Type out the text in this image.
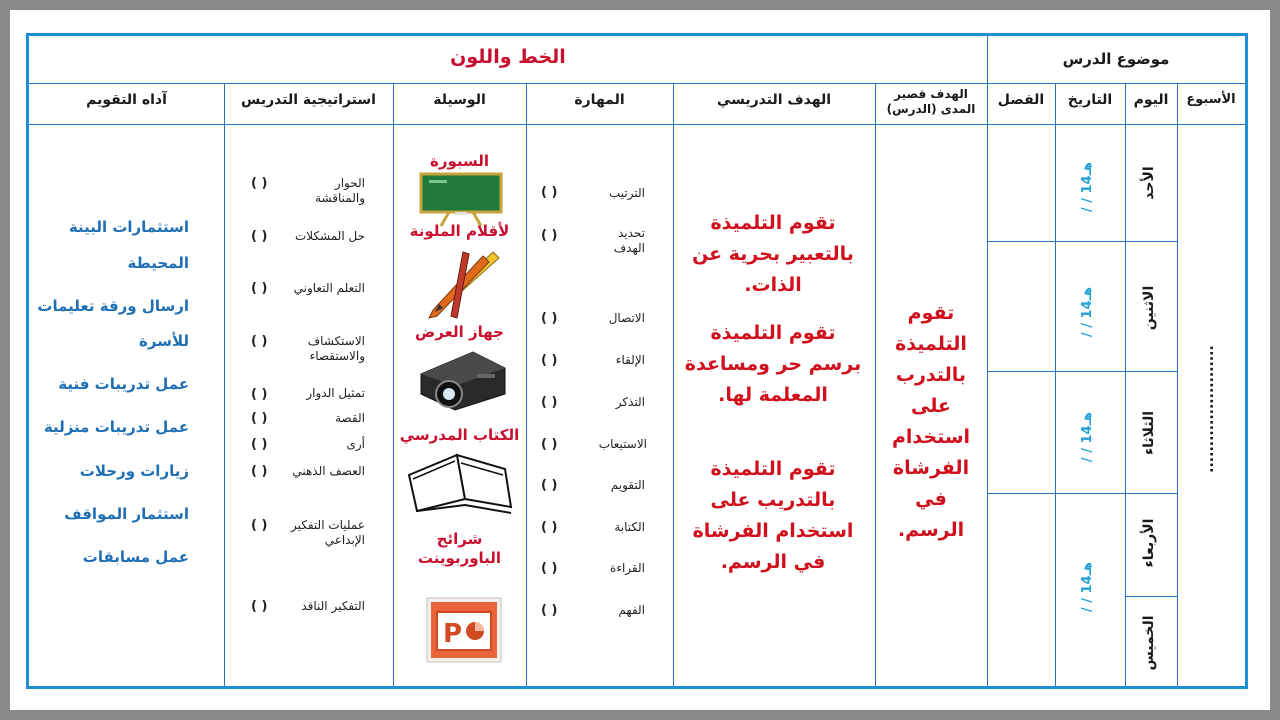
الخط واللون	موضوع الدرس
الأسبوع
اليوم
التاريخ
الفصل
الهدف قصير المدى (الدرس)
الهدف التدريسي
المهارة
الوسيلة
استراتيجية التدريس
آداه التقويم
........................
الأحد
الاثنين
الثلاثاء
الأربعاء
الخميس
/ / 14هـ
/ / 14هـ
/ / 14هـ
/ / 14هـ
تقوم التلميذة بالتدرب على استخدام الفرشاة في الرسم.
تقوم التلميذة بالتعبير بحرية عن الذات.
تقوم التلميذة برسم حر ومساعدة المعلمة لها.
تقوم التلميذة بالتدريب على استخدام الفرشاة في الرسم.
الترتيب
تحديد الهدف
الاتصال
الإلقاء
التذكر
الاستيعاب
التقويم
الكتابة
القراءة
الفهم
( )
( )
( )
( )
( )
( )
( )
( )
( )
( )
السبورة
لأقلام الملونة
جهاز العرض
الكتاب المدرسي
شرائح الباوربوينت
P
الحوار والمناقشة
حل المشكلات
التعلم التعاوني
الاستكشاف والاستقصاء
تمثيل الدوار
القصة
أرى
العصف الذهني
عمليات التفكير الإبداعي
التفكير الناقد
( )
( )
( )
( )
( )
( )
( )
( )
( )
( )
استثمارات البينة
المحيطة
ارسال ورقة تعليمات
للأسرة
عمل تدريبات فنية
عمل تدريبات منزلية
زيارات ورحلات
استثمار المواقف
عمل مسابقات
